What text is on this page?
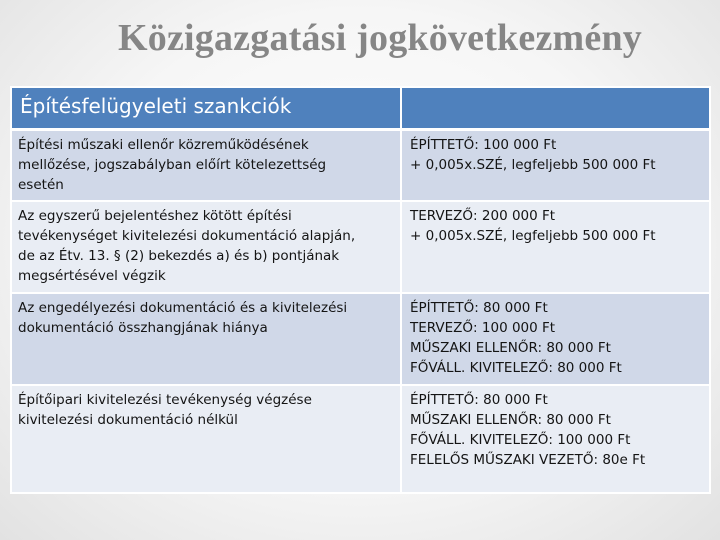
Közigazgatási jogkövetkezmény
Építésfelügyeleti szankciók	

Építési műszaki ellenőr közreműködésének
mellőzése, jogszabályban előírt kötelezettség
esetén	ÉPÍTTETŐ: 100 000 Ft
+ 0,005x.SZÉ, legfeljebb 500 000 Ft

Az egyszerű bejelentéshez kötött építési
tevékenységet kivitelezési dokumentáció alapján,
de az Étv. 13. § (2) bekezdés a) és b) pontjának
megsértésével végzik	TERVEZŐ: 200 000 Ft
+ 0,005x.SZÉ, legfeljebb 500 000 Ft

Az engedélyezési dokumentáció és a kivitelezési
dokumentáció összhangjának hiánya	ÉPÍTTETŐ: 80 000 Ft
TERVEZŐ: 100 000 Ft
MŰSZAKI ELLENŐR: 80 000 Ft
FŐVÁLL. KIVITELEZŐ: 80 000 Ft

Építőipari kivitelezési tevékenység végzése
kivitelezési dokumentáció nélkül	ÉPÍTTETŐ: 80 000 Ft
MŰSZAKI ELLENŐR: 80 000 Ft
FŐVÁLL. KIVITELEZŐ: 100 000 Ft
FELELŐS MŰSZAKI VEZETŐ: 80e Ft
